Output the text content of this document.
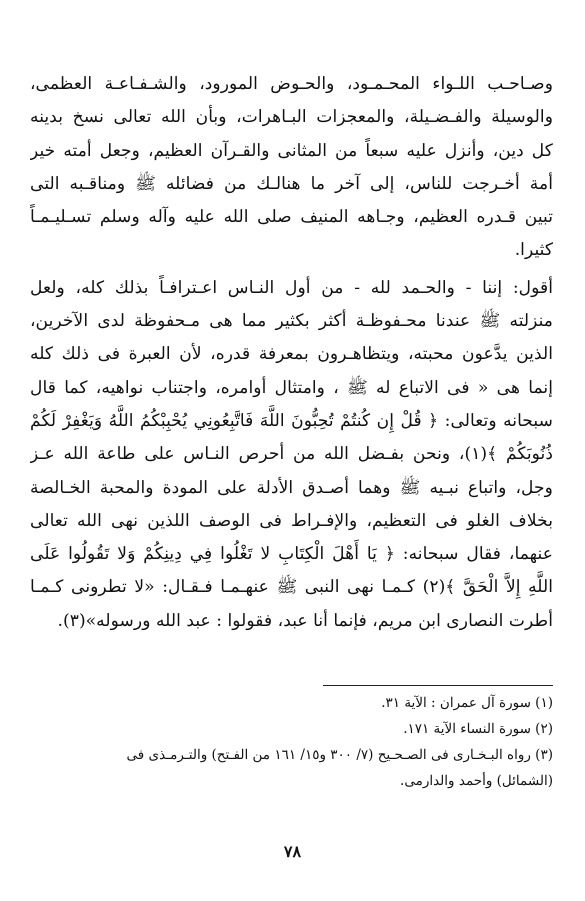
وصـاحـب اللـواء المحـمـود، والحـوض المورود، والشـفـاعـة العظمى،
والوسيلة والفـضـيلة، والمعجزات البـاهرات، وبأن الله تعالى نسخ بدينه
كل دين، وأنزل عليه سبعاً من المثانى والقـرآن العظيم، وجعل أمته خير
أمة أخـرجت للناس، إلى آخر ما هنالـك من فضائله ﷺ ومناقـبه التى
تبين قـدره العظيم، وجـاهه المنيف صلى الله عليه وآله وسلم تسـليـمـاً
كثيرا.
أقول: إننا - والحـمد لله - من أول النـاس اعـترافـاً بذلك كله، ولعل
منزلته ﷺ عندنا محـفوظـة أكثر بكثير مما هى مـحفوظة لدى الآخرين،
الذين يدَّعون محبته، ويتظاهـرون بمعرفة قدره، لأن العبرة فى ذلك كله
إنما هى « فى الاتباع له ﷺ ، وامتثال أوامره، واجتناب نواهيه، كما قال
سبحانه وتعالى: ﴿ قُلْ إِن كُنتُمْ تُحِبُّونَ اللَّهَ فَاتَّبِعُونِي يُحْبِبْكُمُ اللَّهُ وَيَغْفِرْ لَكُمْ
ذُنُوبَكُمْ ﴾(١)، ونحن بفـضل الله من أحرص النـاس على طاعة الله عـز
وجل، واتباع نبـيه ﷺ وهما أصـدق الأدلة على المودة والمحبة الخـالصة
بخلاف الغلو فى التعظيم، والإفـراط فى الوصف اللذين نهى الله تعالى
عنهما، فقال سبحانه: ﴿ يَا أَهْلَ الْكِتَابِ لا تَغْلُوا فِي دِينِكُمْ وَلا تَقُولُوا عَلَى
اللَّهِ إِلاَّ الْحَقَّ ﴾(٢) كـمـا نهى النبى ﷺ عنهـمـا فـقـال: «لا تطرونى كـمـا
أطرت النصارى ابن مريم، فإنما أنا عبد، فقولوا : عبد الله ورسوله»(٣).
(١) سورة آل عمران : الآية ٣١.
(٢) سورة النساء الآية ١٧١.
(٣) رواه البـخـارى فى الصـحـيح (٧/ ٣٠٠ و١٥/ ١٦١ من الفـتح) والتـرمـذى فى
(الشمائل) وأحمد والدارمى.
٧٨
